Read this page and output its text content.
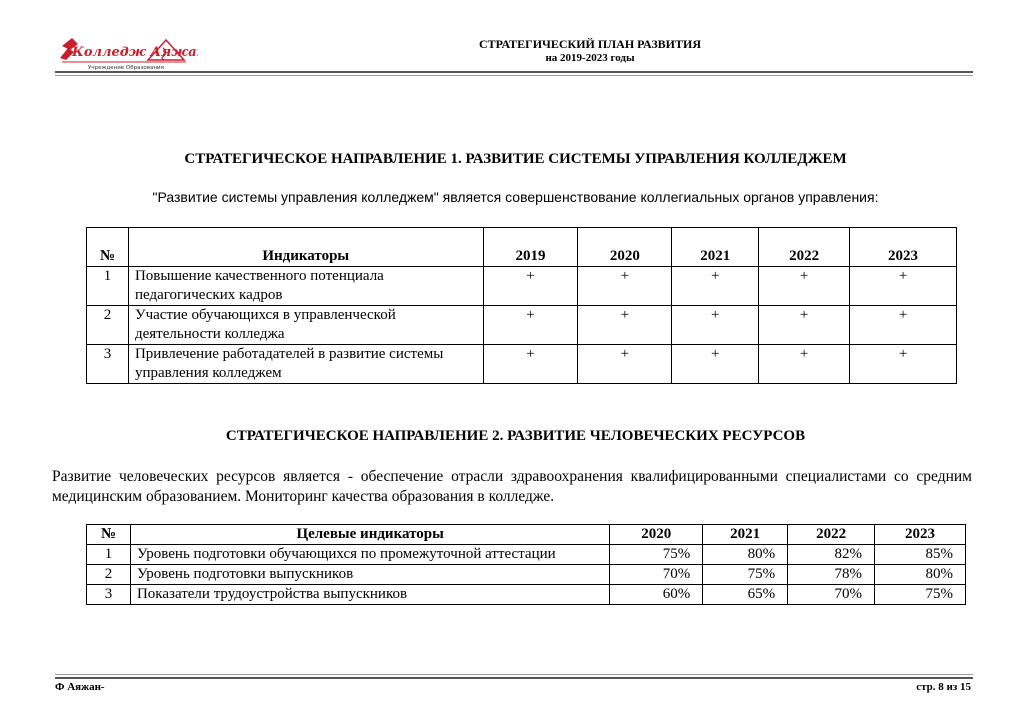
Колледж Аяжан
Учреждение Образования
СТРАТЕГИЧЕСКИЙ ПЛАН РАЗВИТИЯ
на 2019-2023 годы
СТРАТЕГИЧЕСКОЕ НАПРАВЛЕНИЕ 1. РАЗВИТИЕ СИСТЕМЫ УПРАВЛЕНИЯ КОЛЛЕДЖЕМ
"Развитие системы управления колледжем" является совершенствование коллегиальных органов управления:
№	Индикаторы	2019	2020	2021	2022	2023
1	Повышение качественного потенциала педагогических кадров	+	+	+	+	+
2	Участие обучающихся в управленческой деятельности колледжа	+	+	+	+	+
3	Привлечение работадателей в развитие системы управления колледжем	+	+	+	+	+
СТРАТЕГИЧЕСКОЕ НАПРАВЛЕНИЕ 2. РАЗВИТИЕ ЧЕЛОВЕЧЕСКИХ РЕСУРСОВ
Развитие человеческих ресурсов является - обеспечение отрасли здравоохранения квалифицированными специалистами со средним медицинским образованием. Мониторинг качества образования в колледже.
№	Целевые индикаторы	2020	2021	2022	2023
1	Уровень подготовки обучающихся по промежуточной аттестации	75%	80%	82%	85%
2	Уровень подготовки выпускников	70%	75%	78%	80%
3	Показатели трудоустройства выпускников	60%	65%	70%	75%
Ф Аяжан-	стр. 8 из 15
